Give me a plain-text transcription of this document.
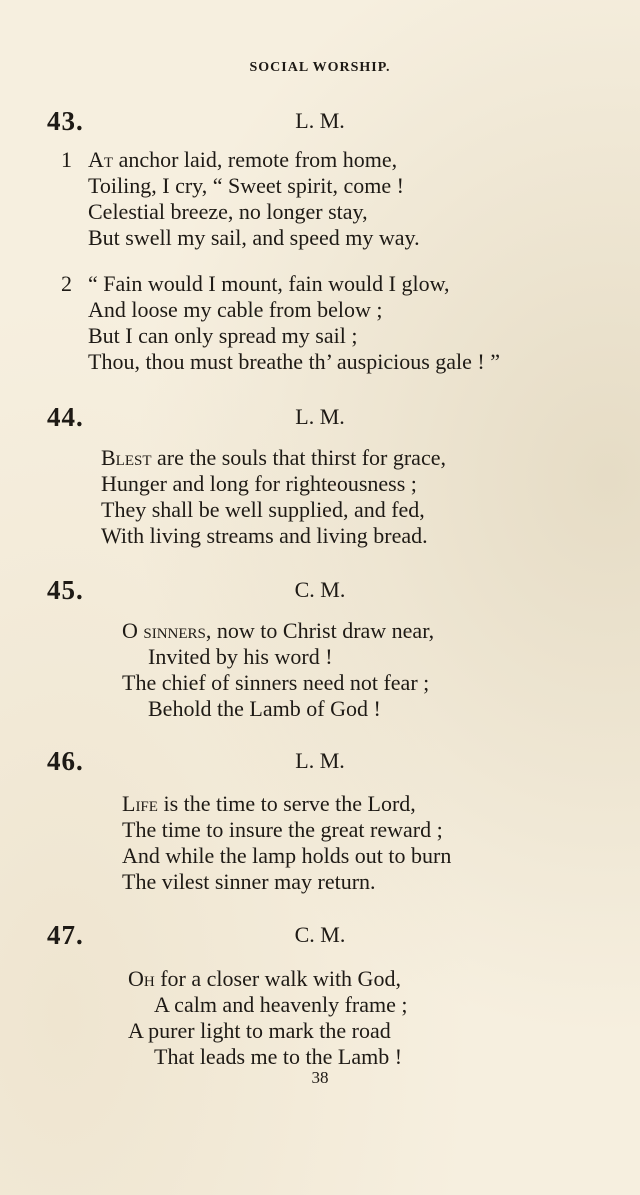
SOCIAL WORSHIP.
43.	L. M.
1 At anchor laid, remote from home,
Toiling, I cry, “ Sweet spirit, come !
Celestial breeze, no longer stay,
But swell my sail, and speed my way.
2 “ Fain would I mount, fain would I glow,
And loose my cable from below ;
But I can only spread my sail ;
Thou, thou must breathe th’ auspicious gale ! ”
44.	L. M.
Blest are the souls that thirst for grace,
Hunger and long for righteousness ;
They shall be well supplied, and fed,
With living streams and living bread.
45.	C. M.
O sinners, now to Christ draw near,
Invited by his word !
The chief of sinners need not fear ;
Behold the Lamb of God !
46.	L. M.
Life is the time to serve the Lord,
The time to insure the great reward ;
And while the lamp holds out to burn
The vilest sinner may return.
47.	C. M.
Oh for a closer walk with God,
A calm and heavenly frame ;
A purer light to mark the road
That leads me to the Lamb !
38
